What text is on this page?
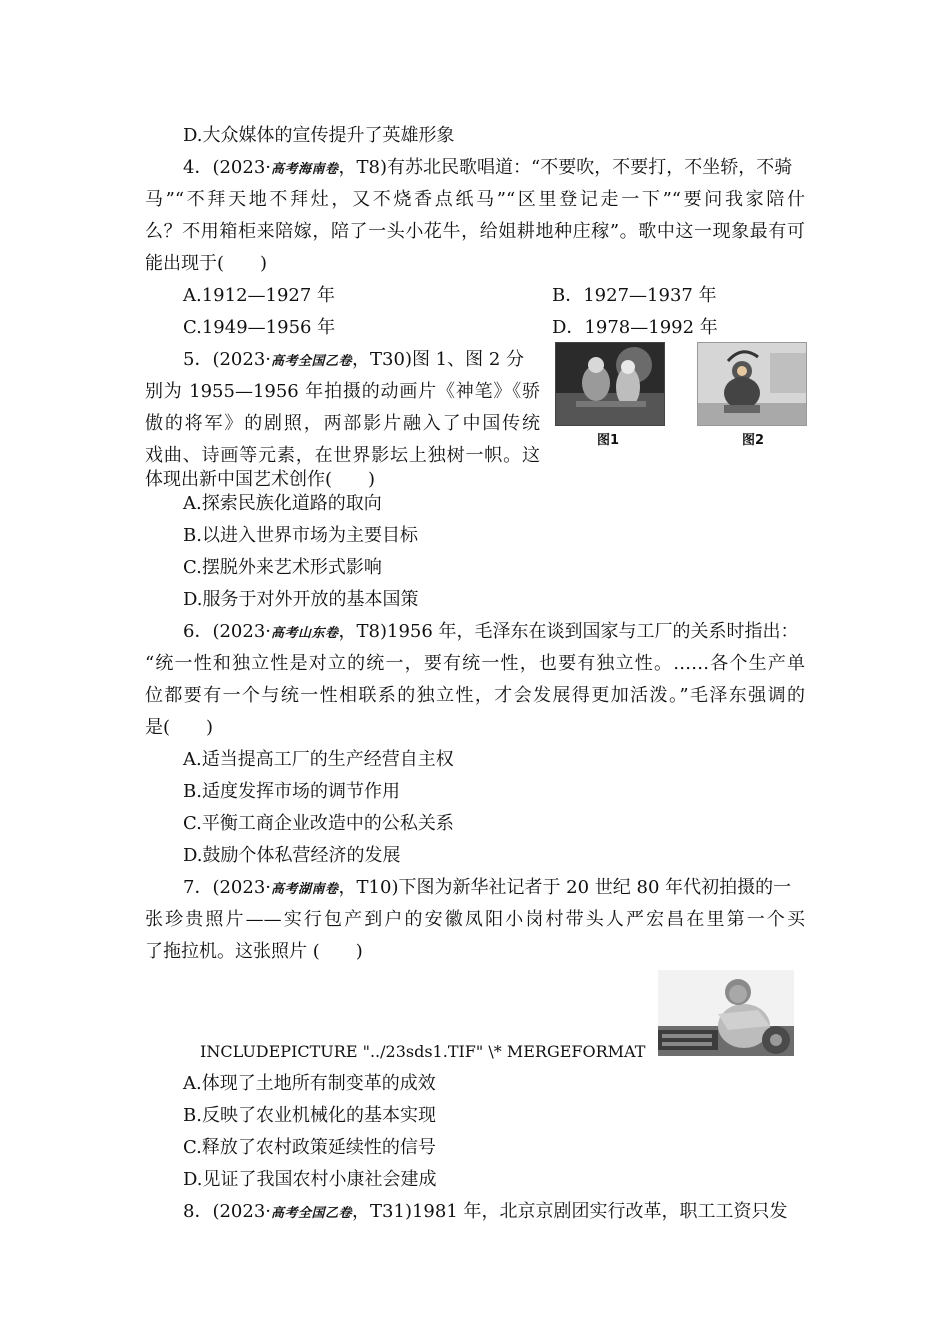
D.大众媒体的宣传提升了英雄形象
4．(2023·高考海南卷，T8)有苏北民歌唱道：“不要吹，不要打，不坐轿，不骑
马”“不拜天地不拜灶，又不烧香点纸马”“区里登记走一下”“要问我家陪什
么？不用箱柜来陪嫁，陪了一头小花牛，给姐耕地种庄稼”。歌中这一现象最有可
能出现于(　　)
A.1912—1927 年	B．1927—1937 年
C.1949—1956 年	D．1978—1992 年
5．(2023·高考全国乙卷，T30)图 1、图 2 分
别为 1955—1956 年拍摄的动画片《神笔》《骄
傲的将军》的剧照，两部影片融入了中国传统
戏曲、诗画等元素，在世界影坛上独树一帜。这
体现出新中国艺术创作(　　)
图1	图2
A.探索民族化道路的取向
B.以进入世界市场为主要目标
C.摆脱外来艺术形式影响
D.服务于对外开放的基本国策
6．(2023·高考山东卷，T8)1956 年，毛泽东在谈到国家与工厂的关系时指出：
“统一性和独立性是对立的统一，要有统一性，也要有独立性。……各个生产单
位都要有一个与统一性相联系的独立性，才会发展得更加活泼。”毛泽东强调的
是(　　)
A.适当提高工厂的生产经营自主权
B.适度发挥市场的调节作用
C.平衡工商企业改造中的公私关系
D.鼓励个体私营经济的发展
7．(2023·高考湖南卷，T10)下图为新华社记者于 20 世纪 80 年代初拍摄的一
张珍贵照片——实行包产到户的安徽凤阳小岗村带头人严宏昌在里第一个买
了拖拉机。这张照片 (　　)
INCLUDEPICTURE "../23sds1.TIF" \* MERGEFORMAT
A.体现了土地所有制变革的成效
B.反映了农业机械化的基本实现
C.释放了农村政策延续性的信号
D.见证了我国农村小康社会建成
8．(2023·高考全国乙卷，T31)1981 年，北京京剧团实行改革，职工工资只发
